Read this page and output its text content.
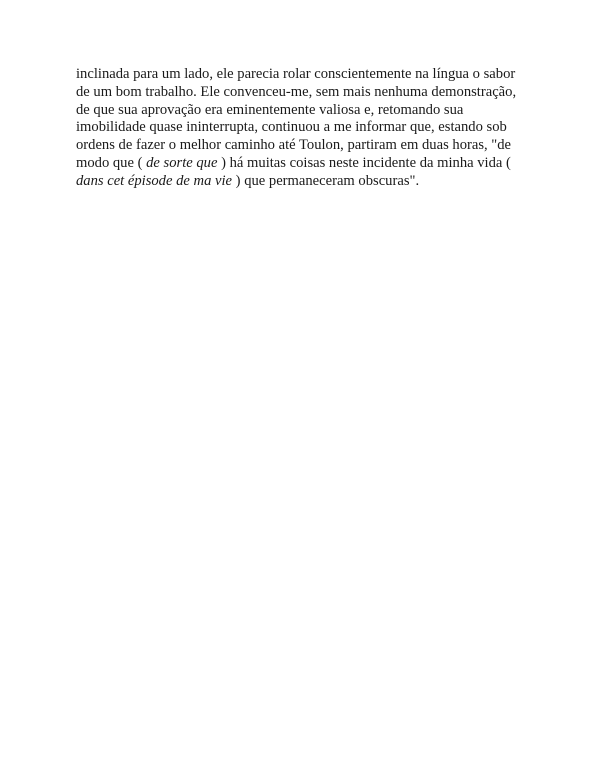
inclinada para um lado, ele parecia rolar conscientemente na língua o sabor
de um bom trabalho. Ele convenceu-me, sem mais nenhuma demonstração,
de que sua aprovação era eminentemente valiosa e, retomando sua
imobilidade quase ininterrupta, continuou a me informar que, estando sob
ordens de fazer o melhor caminho até Toulon, partiram em duas horas, "de
modo que ( de sorte que ) há muitas coisas neste incidente da minha vida (
dans cet épisode de ma vie ) que permaneceram obscuras".
